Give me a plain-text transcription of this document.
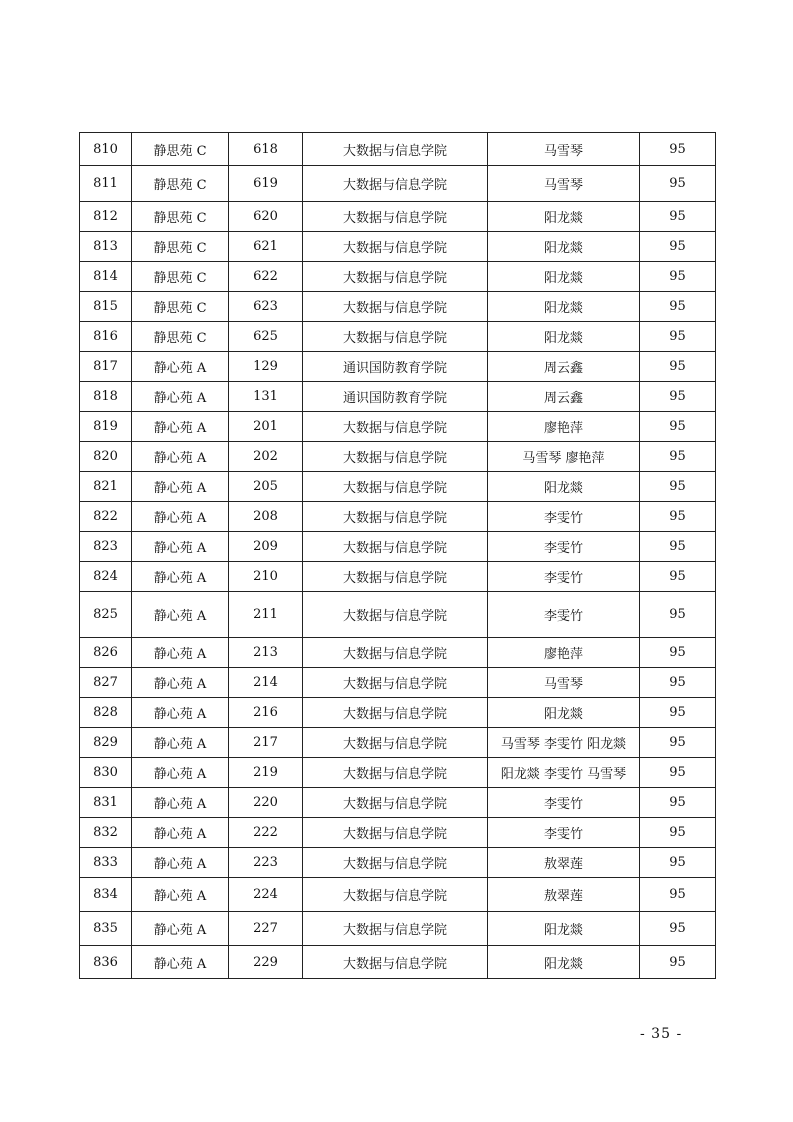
810	静思苑 C	618	大数据与信息学院	马雪琴	95
811	静思苑 C	619	大数据与信息学院	马雪琴	95
812	静思苑 C	620	大数据与信息学院	阳龙燚	95
813	静思苑 C	621	大数据与信息学院	阳龙燚	95
814	静思苑 C	622	大数据与信息学院	阳龙燚	95
815	静思苑 C	623	大数据与信息学院	阳龙燚	95
816	静思苑 C	625	大数据与信息学院	阳龙燚	95
817	静心苑 A	129	通识国防教育学院	周云鑫	95
818	静心苑 A	131	通识国防教育学院	周云鑫	95
819	静心苑 A	201	大数据与信息学院	廖艳萍	95
820	静心苑 A	202	大数据与信息学院	马雪琴 廖艳萍	95
821	静心苑 A	205	大数据与信息学院	阳龙燚	95
822	静心苑 A	208	大数据与信息学院	李雯竹	95
823	静心苑 A	209	大数据与信息学院	李雯竹	95
824	静心苑 A	210	大数据与信息学院	李雯竹	95
825	静心苑 A	211	大数据与信息学院	李雯竹	95
826	静心苑 A	213	大数据与信息学院	廖艳萍	95
827	静心苑 A	214	大数据与信息学院	马雪琴	95
828	静心苑 A	216	大数据与信息学院	阳龙燚	95
829	静心苑 A	217	大数据与信息学院	马雪琴 李雯竹 阳龙燚	95
830	静心苑 A	219	大数据与信息学院	阳龙燚 李雯竹 马雪琴	95
831	静心苑 A	220	大数据与信息学院	李雯竹	95
832	静心苑 A	222	大数据与信息学院	李雯竹	95
833	静心苑 A	223	大数据与信息学院	敖翠莲	95
834	静心苑 A	224	大数据与信息学院	敖翠莲	95
835	静心苑 A	227	大数据与信息学院	阳龙燚	95
836	静心苑 A	229	大数据与信息学院	阳龙燚	95
- 35 -
